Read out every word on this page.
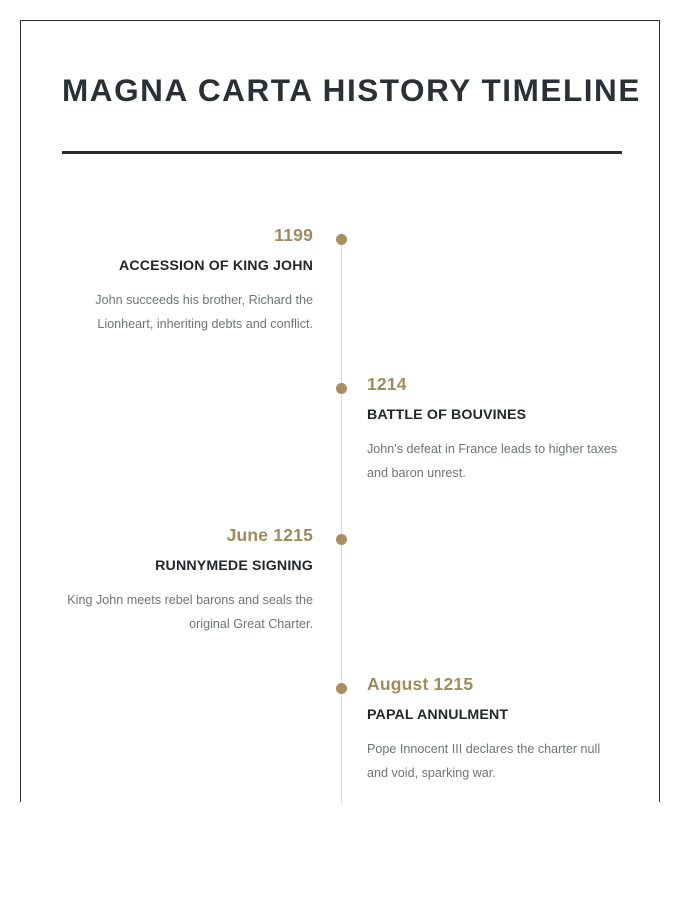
MAGNA CARTA HISTORY TIMELINE
1199
ACCESSION OF KING JOHN
John succeeds his brother, Richard the Lionheart, inheriting debts and conflict.
1214
BATTLE OF BOUVINES
John's defeat in France leads to higher taxes and baron unrest.
June 1215
RUNNYMEDE SIGNING
King John meets rebel barons and seals the original Great Charter.
August 1215
PAPAL ANNULMENT
Pope Innocent III declares the charter null and void, sparking war.
